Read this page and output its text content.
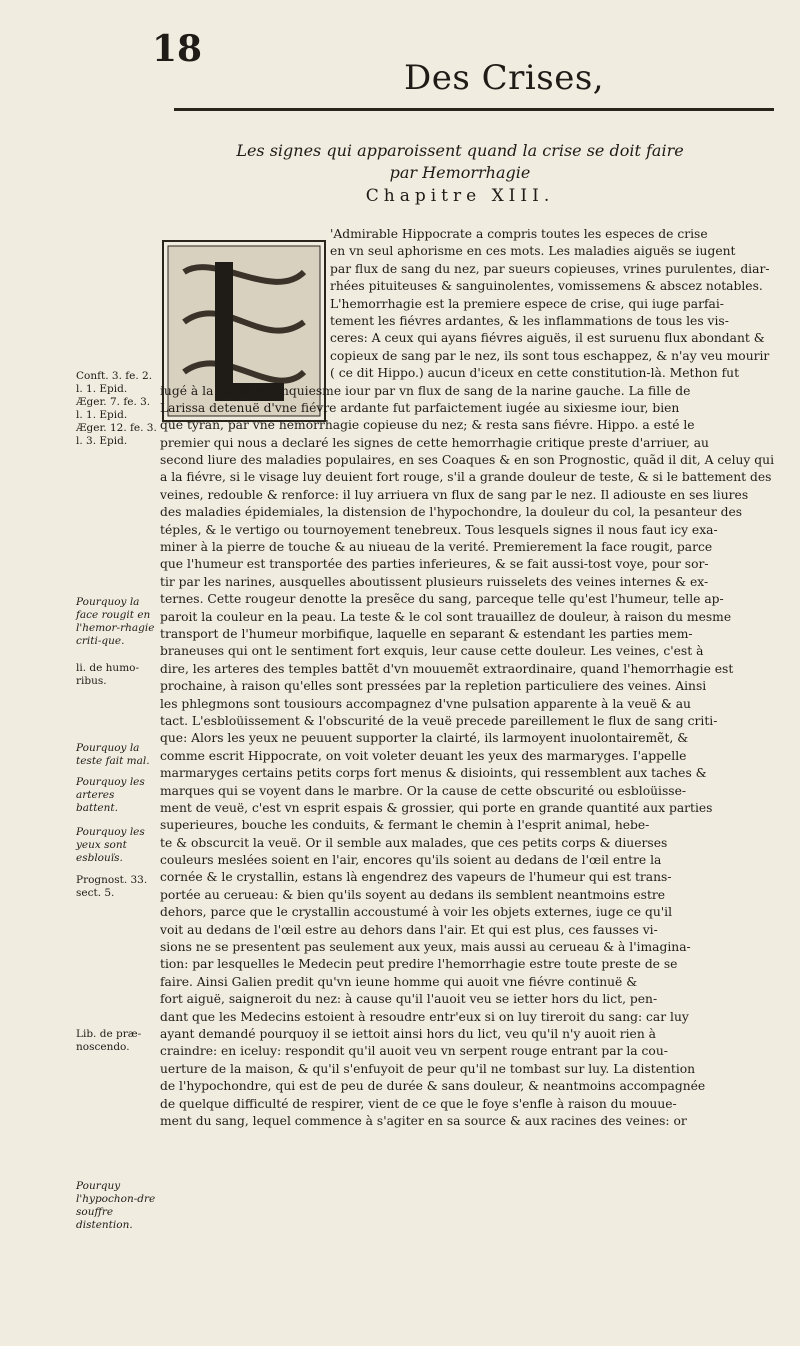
18
Des Crises,
Les signes qui apparoissent quand la crise se doit faire
par Hemorrhagie
Chapitre XIII.
'Admirable Hippocrate a compris toutes les especes de crise
en vn seul aphorisme en ces mots. Les maladies aiguës se iugent
par flux de sang du nez, par sueurs copieuses, vrines purulentes, diar-
rhées pituiteuses & sanguinolentes, vomissemens & abscez notables.
L'hemorrhagie est la premiere espece de crise, qui iuge parfai-
tement les fiévres ardantes, & les inflammations de tous les vis-
ceres: A ceux qui ayans fiévres aiguës, il est suruenu flux abondant &
copieux de sang par le nez, ils sont tous eschappez, & n'ay veu mourir
( ce dit Hippo.) aucun d'iceux en cette constitution-là. Methon fut
iugé à la santé le cinquiesme iour par vn flux de sang de la narine gauche. La fille de
Larissa detenuë d'vne fiévre ardante fut parfaictement iugée au sixiesme iour, bien
que tyran, par vne hemorrhagie copieuse du nez; & resta sans fiévre. Hippo. a esté le
premier qui nous a declaré les signes de cette hemorrhagie critique preste d'arriuer, au
second liure des maladies populaires, en ses Coaques & en son Prognostic, quãd il dit, A celuy qui
a la fiévre, si le visage luy deuient fort rouge, s'il a grande douleur de teste, & si le battement des
veines, redouble & renforce: il luy arriuera vn flux de sang par le nez. Il adiouste en ses liures
des maladies épidemiales, la distension de l'hypochondre, la douleur du col, la pesanteur des
téples, & le vertigo ou tournoyement tenebreux. Tous lesquels signes il nous faut icy exa-
miner à la pierre de touche & au niueau de la verité. Premierement la face rougit, parce
que l'humeur est transportée des parties inferieures, & se fait aussi-tost voye, pour sor-
tir par les narines, ausquelles aboutissent plusieurs ruisselets des veines internes & ex-
ternes. Cette rougeur denotte la presẽce du sang, parceque telle qu'est l'humeur, telle ap-
paroit la couleur en la peau. La teste & le col sont trauaillez de douleur, à raison du mesme
transport de l'humeur morbifique, laquelle en separant & estendant les parties mem-
braneuses qui ont le sentiment fort exquis, leur cause cette douleur. Les veines, c'est à
dire, les arteres des temples battẽt d'vn mouuemẽt extraordinaire, quand l'hemorrhagie est
prochaine, à raison qu'elles sont pressées par la repletion particuliere des veines. Ainsi
les phlegmons sont tousiours accompagnez d'vne pulsation apparente à la veuë & au
tact. L'esbloüissement & l'obscurité de la veuë precede pareillement le flux de sang criti-
que: Alors les yeux ne peuuent supporter la clairté, ils larmoyent inuolontairemẽt, &
comme escrit Hippocrate, on voit voleter deuant les yeux des marmaryges. I'appelle
marmaryges certains petits corps fort menus & disioints, qui ressemblent aux taches &
marques qui se voyent dans le marbre. Or la cause de cette obscurité ou esbloüisse-
ment de veuë, c'est vn esprit espais & grossier, qui porte en grande quantité aux parties
superieures, bouche les conduits, & fermant le chemin à l'esprit animal, hebe-
te & obscurcit la veuë. Or il semble aux malades, que ces petits corps & diuerses
couleurs meslées soient en l'air, encores qu'ils soient au dedans de l'œil entre la
cornée & le crystallin, estans là engendrez des vapeurs de l'humeur qui est trans-
portée au cerueau: & bien qu'ils soyent au dedans ils semblent neantmoins estre
dehors, parce que le crystallin accoustumé à voir les objets externes, iuge ce qu'il
voit au dedans de l'œil estre au dehors dans l'air. Et qui est plus, ces fausses vi-
sions ne se presentent pas seulement aux yeux, mais aussi au cerueau & à l'imagina-
tion: par lesquelles le Medecin peut predire l'hemorrhagie estre toute preste de se
faire. Ainsi Galien predit qu'vn ieune homme qui auoit vne fiévre continuë &
fort aiguë, saigneroit du nez: à cause qu'il l'auoit veu se ietter hors du lict, pen-
dant que les Medecins estoient à resoudre entr'eux si on luy tireroit du sang: car luy
ayant demandé pourquoy il se iettoit ainsi hors du lict, veu qu'il n'y auoit rien à
craindre: en iceluy: respondit qu'il auoit veu vn serpent rouge entrant par la cou-
uerture de la maison, & qu'il s'enfuyoit de peur qu'il ne tombast sur luy. La distention
de l'hypochondre, qui est de peu de durée & sans douleur, & neantmoins accompagnée
de quelque difficulté de respirer, vient de ce que le foye s'enfle à raison du mouue-
ment du sang, lequel commence à s'agiter en sa source & aux racines des veines: or
Conft. 3. fe. 2. l. 1. Epid. Æger. 7. fe. 3. l. 1. Epid. Æger. 12. fe. 3. l. 3. Epid.
Pourquoy la face rougit en l'hemor-rhagie criti-que.
li. de humo-ribus.
Pourquoy la teste fait mal.
Pourquoy les arteres battent.
Pourquoy les yeux sont esblouïs.
Prognost. 33. sect. 5.
Lib. de præ-noscendo.
Pourquy l'hypochon-dre souffre distention.
